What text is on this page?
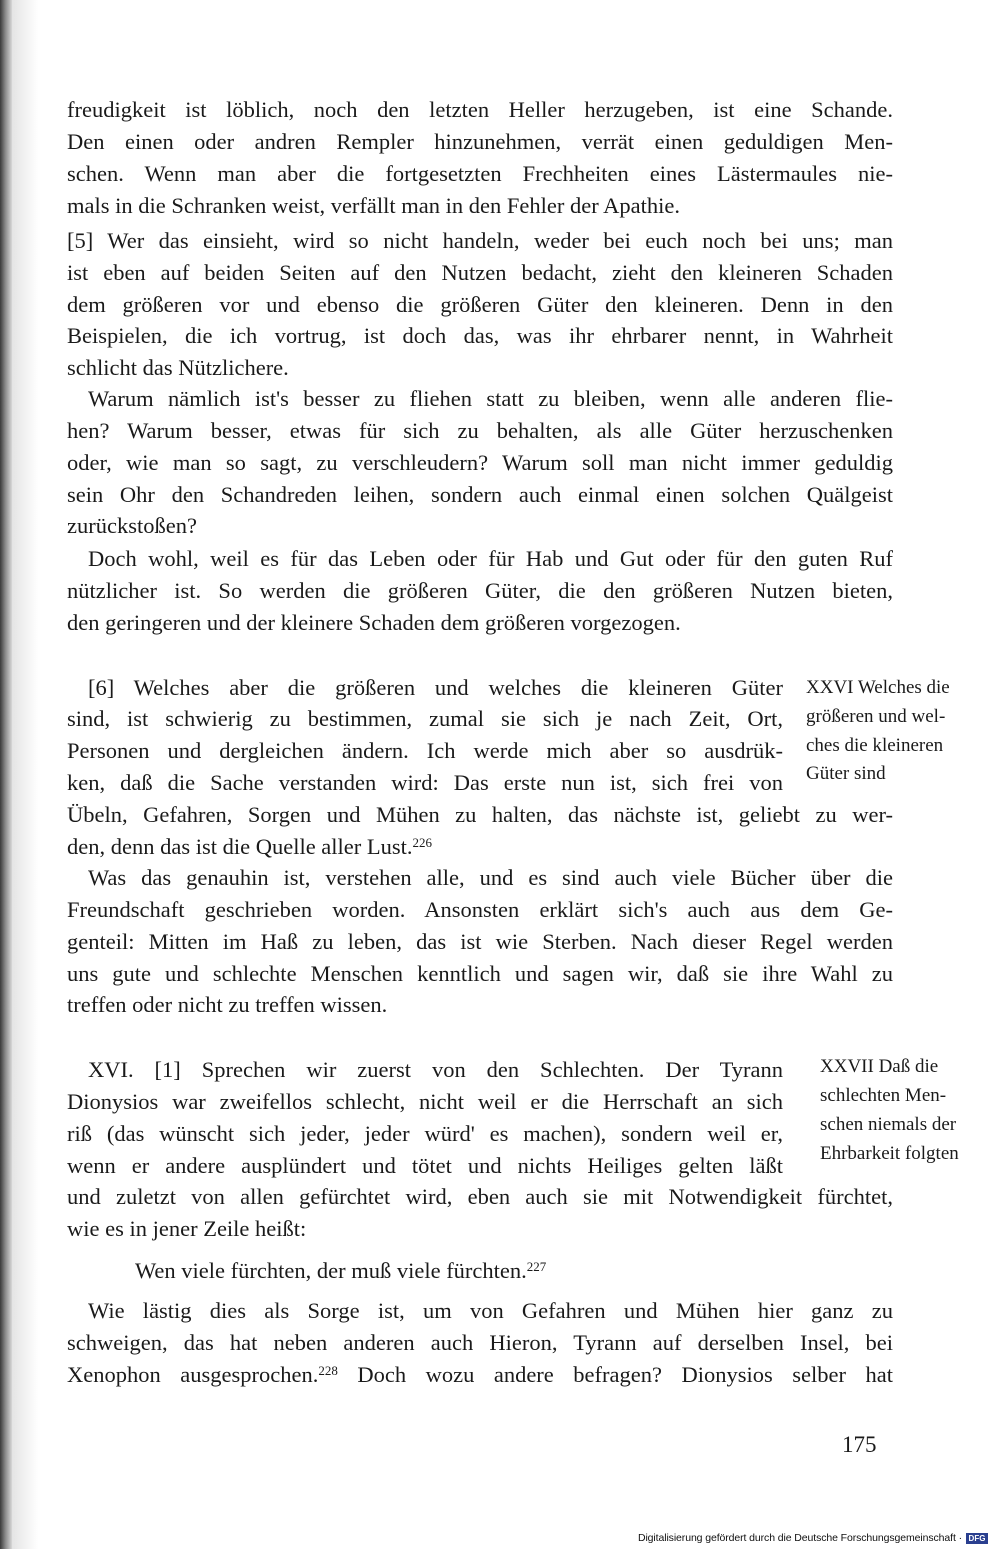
freudigkeit ist löblich, noch den letzten Heller herzugeben, ist eine Schande.
Den einen oder andren Rempler hinzunehmen, verrät einen geduldigen Men-
schen. Wenn man aber die fortgesetzten Frechheiten eines Lästermaules nie-
mals in die Schranken weist, verfällt man in den Fehler der Apathie.
[5] Wer das einsieht, wird so nicht handeln, weder bei euch noch bei uns; man
ist eben auf beiden Seiten auf den Nutzen bedacht, zieht den kleineren Schaden
dem größeren vor und ebenso die größeren Güter den kleineren. Denn in den
Beispielen, die ich vortrug, ist doch das, was ihr ehrbarer nennt, in Wahrheit
schlicht das Nützlichere.
Warum nämlich ist's besser zu fliehen statt zu bleiben, wenn alle anderen flie-
hen? Warum besser, etwas für sich zu behalten, als alle Güter herzuschenken
oder, wie man so sagt, zu verschleudern? Warum soll man nicht immer geduldig
sein Ohr den Schandreden leihen, sondern auch einmal einen solchen Quälgeist
zurückstoßen?
Doch wohl, weil es für das Leben oder für Hab und Gut oder für den guten Ruf
nützlicher ist. So werden die größeren Güter, die den größeren Nutzen bieten,
den geringeren und der kleinere Schaden dem größeren vorgezogen.
[6] Welches aber die größeren und welches die kleineren Güter
sind, ist schwierig zu bestimmen, zumal sie sich je nach Zeit, Ort,
Personen und dergleichen ändern. Ich werde mich aber so ausdrük-
ken, daß die Sache verstanden wird: Das erste nun ist, sich frei von
Übeln, Gefahren, Sorgen und Mühen zu halten, das nächste ist, geliebt zu wer-
den, denn das ist die Quelle aller Lust.$^{226}$
Was das genauhin ist, verstehen alle, und es sind auch viele Bücher über die
Freundschaft geschrieben worden. Ansonsten erklärt sich's auch aus dem Ge-
genteil: Mitten im Haß zu leben, das ist wie Sterben. Nach dieser Regel werden
uns gute und schlechte Menschen kenntlich und sagen wir, daß sie ihre Wahl zu
treffen oder nicht zu treffen wissen.
XVI. [1] Sprechen wir zuerst von den Schlechten. Der Tyrann
Dionysios war zweifellos schlecht, nicht weil er die Herrschaft an sich
riß (das wünscht sich jeder, jeder würd' es machen), sondern weil er,
wenn er andere ausplündert und tötet und nichts Heiliges gelten läßt
und zuletzt von allen gefürchtet wird, eben auch sie mit Notwendigkeit fürchtet,
wie es in jener Zeile heißt:
Wen viele fürchten, der muß viele fürchten.$^{227}$
Wie lästig dies als Sorge ist, um von Gefahren und Mühen hier ganz zu
schweigen, das hat neben anderen auch Hieron, Tyrann auf derselben Insel, bei
Xenophon ausgesprochen.$^{228}$ Doch wozu andere befragen? Dionysios selber hat
XXVI Welches die
größeren und wel-
ches die kleineren
Güter sind
XXVII Daß die
schlechten Men-
schen niemals der
Ehrbarkeit folgten
175
Digitalisierung gefördert durch die Deutsche Forschungsgemeinschaft · DFG
